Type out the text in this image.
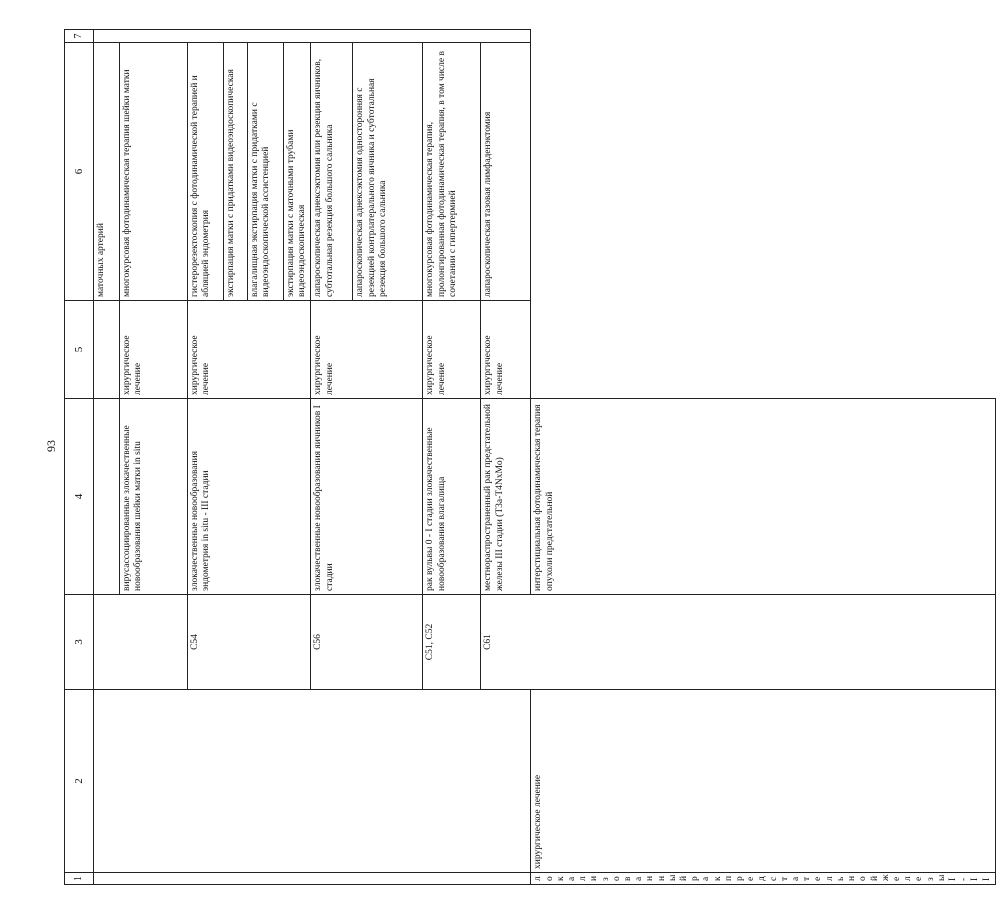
93
1	2	3	4	5	6	7
					маточных артерий	
			вирусассоциированные злокачественные новообразования шейки матки in situ	хирургическое лечение	многокурсовая фотодинамическая терапия шейки матки	
		C54	злокачественные новообразования эндометрия in situ - III стадии	хирургическое лечение	гистерорезектоскопия с фотодинамической терапией и абляцией эндометрия	
					экстирпация матки с придатками видеоэндоскопическая	
					влагалищная экстирпация матки с придатками с видеоэндоскопической ассистенцией	
					экстирпация матки с маточными трубами видеоэндоскопическая	
		C56	злокачественные новообразования яичников I стадии	хирургическое лечение	лапароскопическая аднексэктомия или резекция яичников, субтотальная резекция большого сальника	
					лапароскопическая аднексэктомия односторонняя с резекцией контрлатерального яичника и субтотальная резекция большого сальника	
		C51, C52	рак вульвы 0 - I стадии злокачественные новообразования влагалища	хирургическое лечение	многокурсовая фотодинамическая терапия, пролонгированная фотодинамическая терапия, в том числе в сочетании с гипертермией	
		C61	местнораспространенный рак предстательной железы III стадии (T3a-T4NxMo)	хирургическое лечение	лапароскопическая тазовая лимфаденэктомия	
локализованный рак предстательной железы I - II	хирургическое лечение		интерстициальная фотодинамическая терапия опухоли предстательной			
